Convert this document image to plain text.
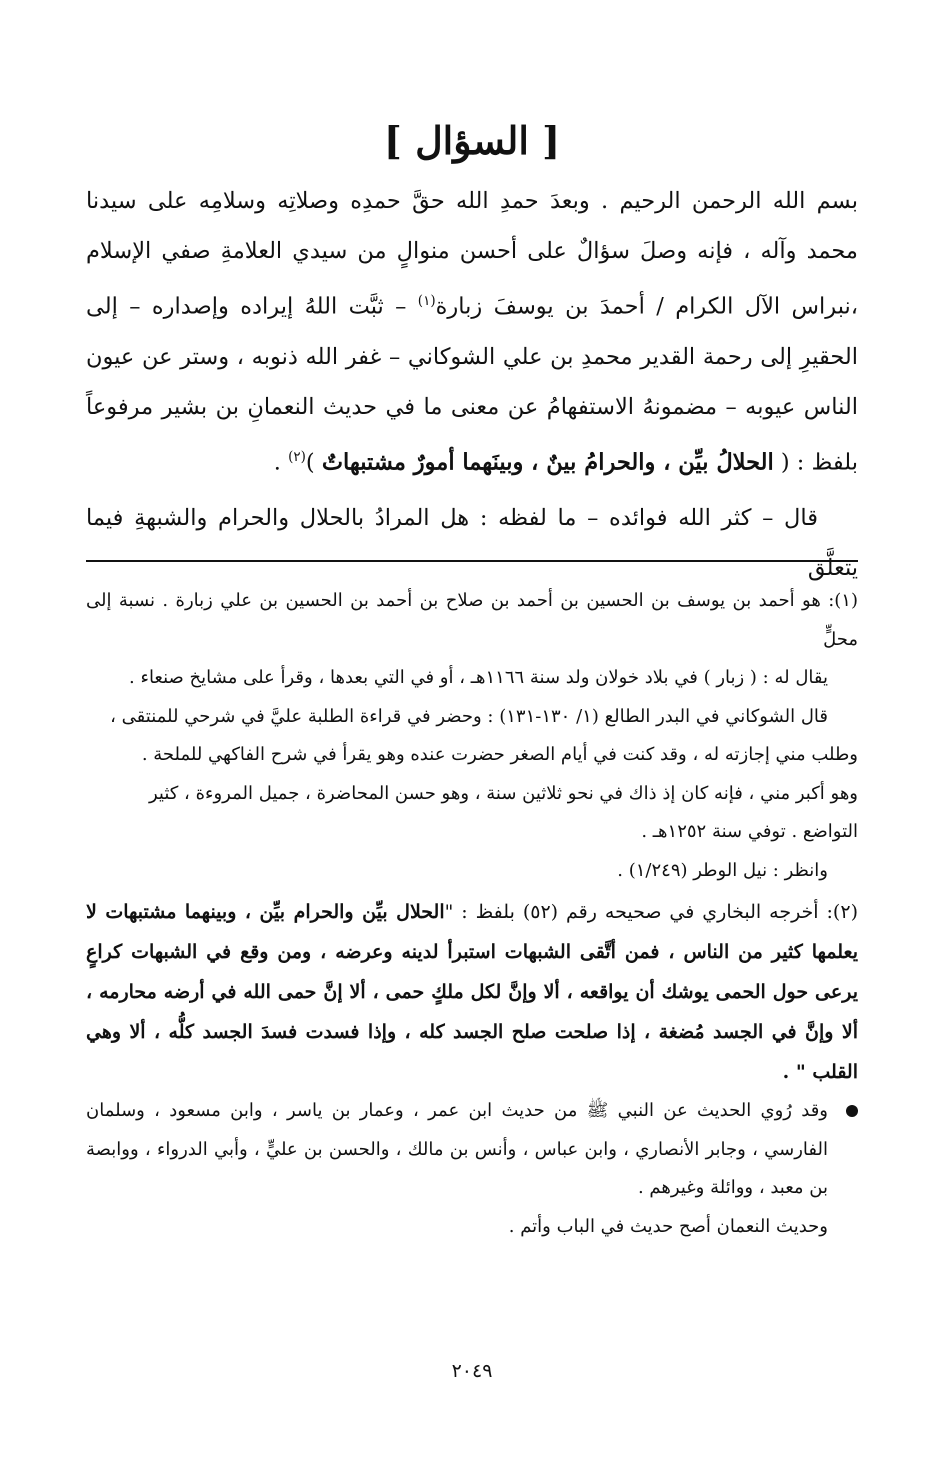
[ السؤال ]

بسم الله الرحمن الرحيم . وبعدَ حمدِ الله حقَّ حمدِه وصلاتِه وسلامِه على سيدنا محمد وآله ، فإنه وصلَ سؤالٌ على أحسن منوالٍ من سيدي العلامةِ صفي الإسلام ،نبراس الآل الكرام / أحمدَ بن يوسفَ زبارة$^{(١)}$ – ثبَّت اللهُ إيراده وإصداره – إلى الحقيرِ إلى رحمة القدير محمدِ بن علي الشوكاني – غفر الله ذنوبه ، وستر عن عيون الناس عيوبه – مضمونهُ الاستفهامُ عن معنى ما في حديث النعمانِ بن بشير مرفوعاً بلفظ : ( الحلالُ بيِّن ، والحرامُ بينٌ ، وبينَهما أمورٌ مشتبهاتٌ )$^{(٢)}$ .

قال – كثر الله فوائده – ما لفظه : هل المرادُ بالحلال والحرام والشبهةِ فيما يتعلَّق

(١): هو أحمد بن يوسف بن الحسين بن أحمد بن صلاح بن أحمد بن الحسين بن علي زبارة . نسبة إلى محلٍّ

يقال له : ( زبار ) في بلاد خولان ولد سنة ١١٦٦هـ ، أو في التي بعدها ، وقرأ على مشايخ صنعاء .

قال الشوكاني في البدر الطالع (١/ ١٣٠-١٣١) : وحضر في قراءة الطلبة عليَّ في شرحي للمنتقى ،

وطلب مني إجازته له ، وقد كنت في أيام الصغر حضرت عنده وهو يقرأ في شرح الفاكهي للملحة .

وهو أكبر مني ، فإنه كان إذ ذاك في نحو ثلاثين سنة ، وهو حسن المحاضرة ، جميل المروءة ، كثير

التواضع . توفي سنة ١٢٥٢هـ .

وانظر : نيل الوطر (١/٢٤٩) .

(٢): أخرجه البخاري في صحيحه رقم (٥٢) بلفظ : "الحلال بيِّن والحرام بيِّن ، وبينهما مشتبهات لا يعلمها كثير من الناس ، فمن أتَّقى الشبهات استبرأ لدينه وعرضه ، ومن وقع في الشبهات كراعٍ يرعى حول الحمى يوشك أن يواقعه ، ألا وإنَّ لكل ملكٍ حمى ، ألا إنَّ حمى الله في أرضه محارمه ، ألا وإنَّ في الجسد مُضغة ، إذا صلحت صلح الجسد كله ، وإذا فسدت فسدَ الجسد كلُّه ، ألا وهي القلب " .

وقد رُوي الحديث عن النبي ﷺ من حديث ابن عمر ، وعمار بن ياسر ، وابن مسعود ، وسلمان الفارسي ، وجابر الأنصاري ، وابن عباس ، وأنس بن مالك ، والحسن بن عليٍّ ، وأبي الدرواء ، ووابصة بن معبد ، ووائلة وغيرهم .

وحديث النعمان أصح حديث في الباب وأتم .

٢٠٤٩
